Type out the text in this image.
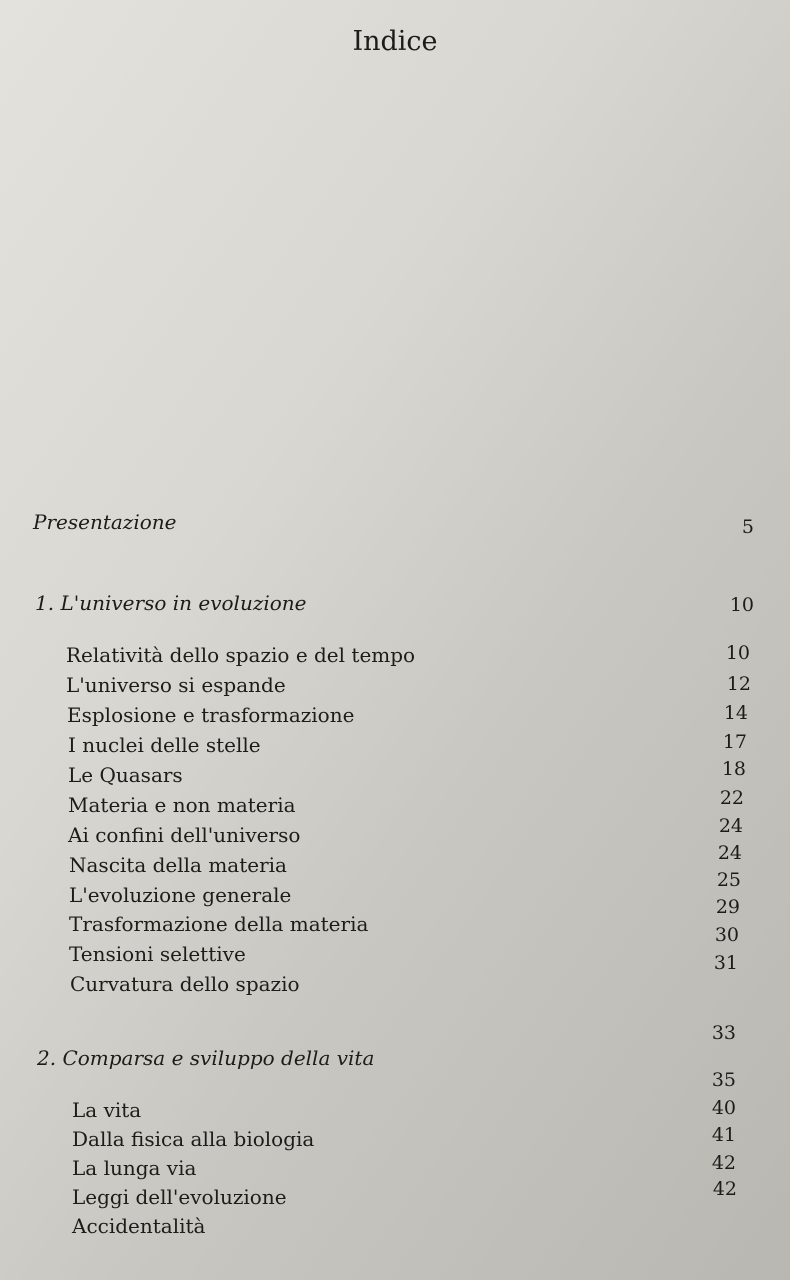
Indice
Presentazione	5
1. L'universo in evoluzione	10
Relatività dello spazio e del tempo
L'universo si espande
Esplosione e trasformazione
I nuclei delle stelle
Le Quasars
Materia e non materia
Ai confini dell'universo
Nascita della materia
L'evoluzione generale
Trasformazione della materia
Tensioni selettive
Curvatura dello spazio
10
12
14
17
18
22
24
24
25
29
30
31
33
2. Comparsa e sviluppo della vita
35
40
41
42
42
La vita
Dalla fisica alla biologia
La lunga via
Leggi dell'evoluzione
Accidentalità
